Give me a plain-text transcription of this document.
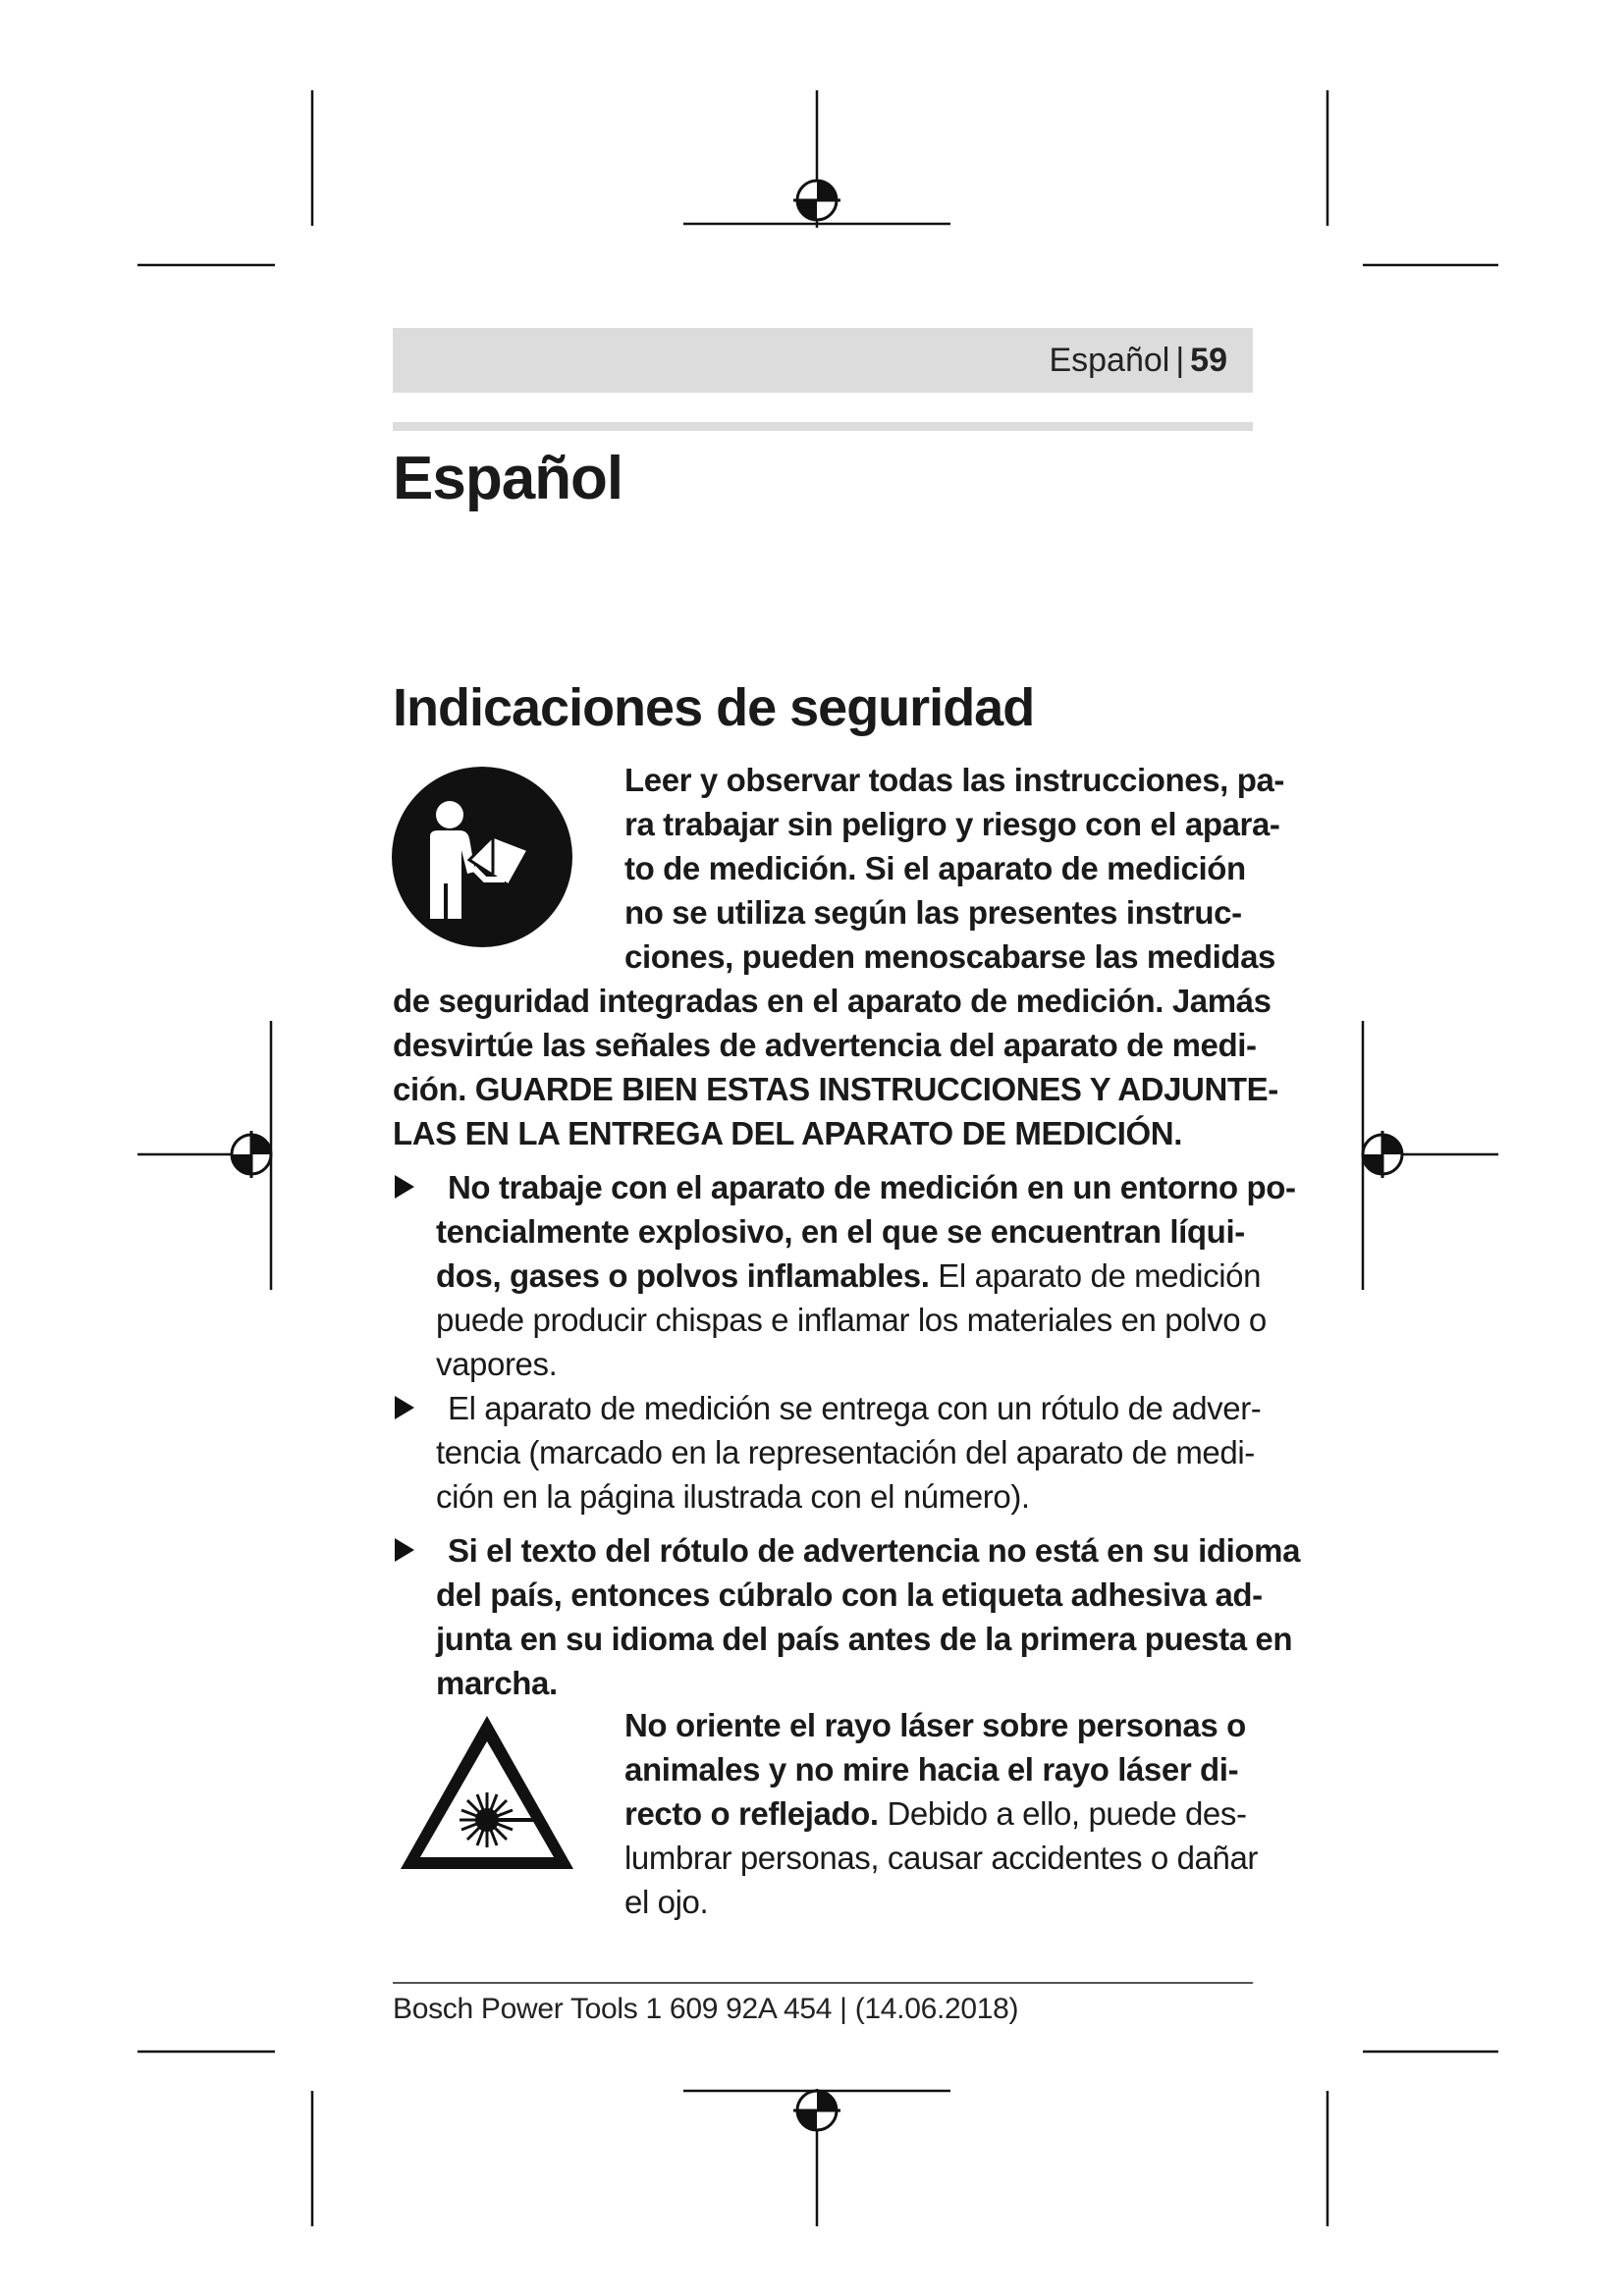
Español | 59
Español
Indicaciones de seguridad

Leer y observar todas las instrucciones, pa-

ra trabajar sin peligro y riesgo con el apara-

to de medición. Si el aparato de medición

no se utiliza según las presentes instruc-

ciones, pueden menoscabarse las medidas

de seguridad integradas en el aparato de medición. Jamás

desvirtúe las señales de advertencia del aparato de medi-

ción. GUARDE BIEN ESTAS INSTRUCCIONES Y ADJUNTE-

LAS EN LA ENTREGA DEL APARATO DE MEDICIÓN.

No trabaje con el aparato de medición en un entorno po-

tencialmente explosivo, en el que se encuentran líqui-

dos, gases o polvos inflamables. El aparato de medición

puede producir chispas e inflamar los materiales en polvo o

vapores.

El aparato de medición se entrega con un rótulo de adver-

tencia (marcado en la representación del aparato de medi-

ción en la página ilustrada con el número).

Si el texto del rótulo de advertencia no está en su idioma

del país, entonces cúbralo con la etiqueta adhesiva ad-

junta en su idioma del país antes de la primera puesta en

marcha.

No oriente el rayo láser sobre personas o

animales y no mire hacia el rayo láser di-

recto o reflejado. Debido a ello, puede des-

lumbrar personas, causar accidentes o dañar

el ojo.

Bosch Power Tools 1 609 92A 454 | (14.06.2018)
